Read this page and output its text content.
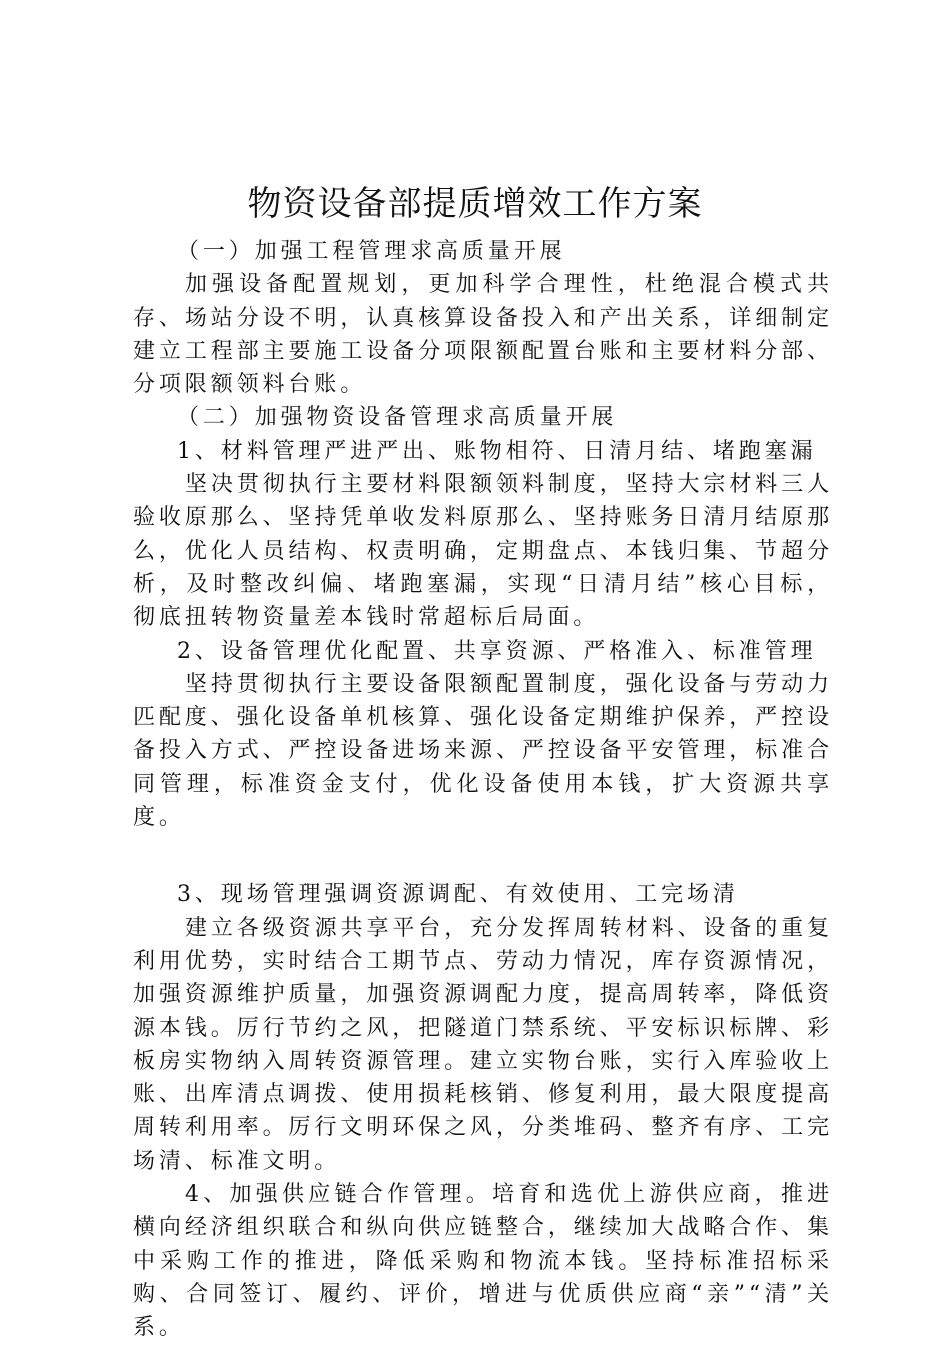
物资设备部提质增效工作方案

（一）加强工程管理求高质量开展

加强设备配置规划，更加科学合理性，杜绝混合模式共存、场站分设不明，认真核算设备投入和产出关系，详细制定建立工程部主要施工设备分项限额配置台账和主要材料分部、分项限额领料台账。

（二）加强物资设备管理求高质量开展

1、材料管理严进严出、账物相符、日清月结、堵跑塞漏

坚决贯彻执行主要材料限额领料制度，坚持大宗材料三人验收原那么、坚持凭单收发料原那么、坚持账务日清月结原那么，优化人员结构、权责明确，定期盘点、本钱归集、节超分析，及时整改纠偏、堵跑塞漏，实现“日清月结”核心目标，彻底扭转物资量差本钱时常超标后局面。

2、设备管理优化配置、共享资源、严格准入、标准管理

坚持贯彻执行主要设备限额配置制度，强化设备与劳动力匹配度、强化设备单机核算、强化设备定期维护保养，严控设备投入方式、严控设备进场来源、严控设备平安管理，标准合同管理，标准资金支付，优化设备使用本钱，扩大资源共享度。

3、现场管理强调资源调配、有效使用、工完场清

建立各级资源共享平台，充分发挥周转材料、设备的重复利用优势，实时结合工期节点、劳动力情况，库存资源情况，加强资源维护质量，加强资源调配力度，提高周转率，降低资源本钱。厉行节约之风，把隧道门禁系统、平安标识标牌、彩板房实物纳入周转资源管理。建立实物台账，实行入库验收上账、出库清点调拨、使用损耗核销、修复利用，最大限度提高周转利用率。厉行文明环保之风，分类堆码、整齐有序、工完场清、标准文明。

4、加强供应链合作管理。培育和选优上游供应商，推进横向经济组织联合和纵向供应链整合，继续加大战略合作、集中采购工作的推进，降低采购和物流本钱。坚持标准招标采购、合同签订、履约、评价，增进与优质供应商“亲”“清”关系。
